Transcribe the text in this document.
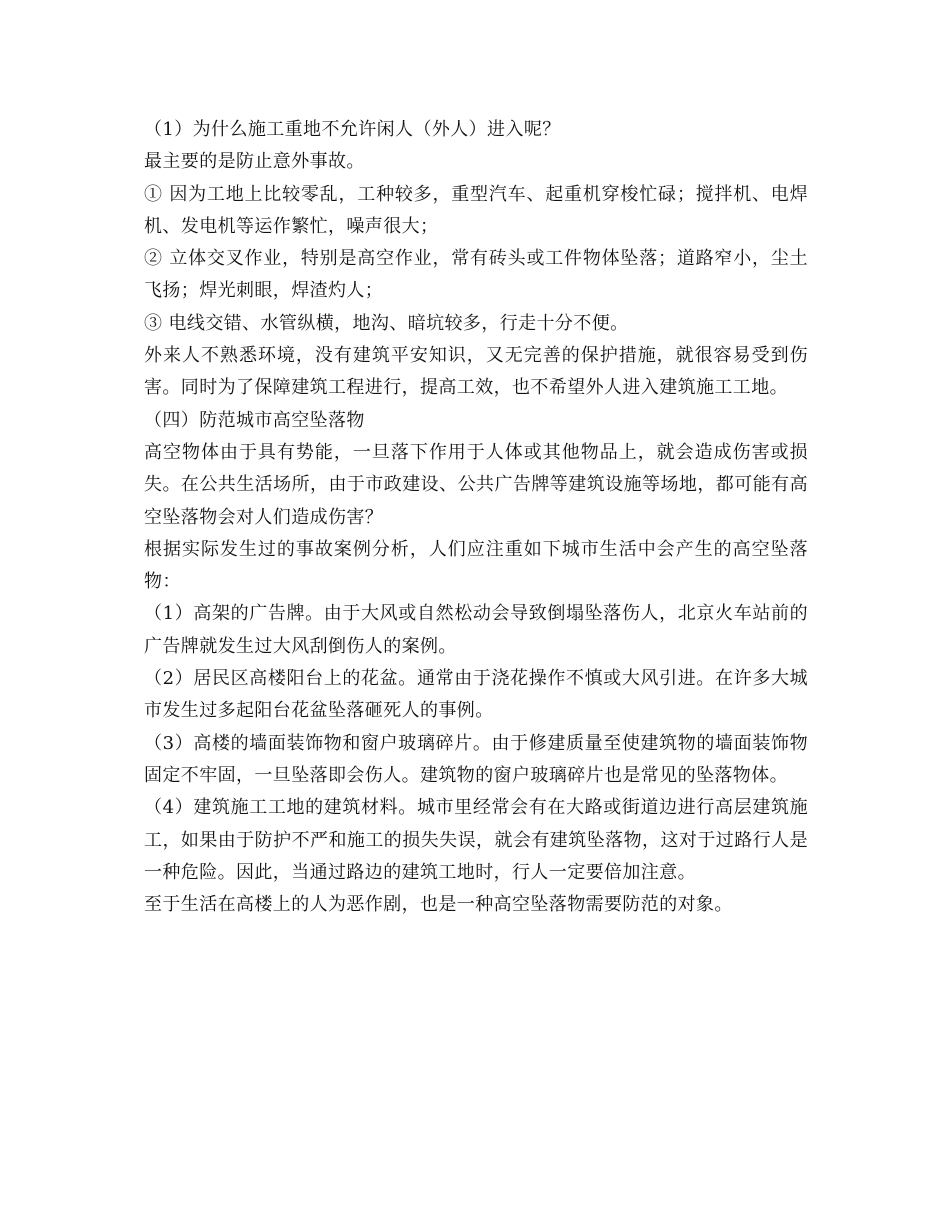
（1）为什么施工重地不允许闲人（外人）进入呢？

最主要的是防止意外事故。

① 因为工地上比较零乱，工种较多，重型汽车、起重机穿梭忙碌；搅拌机、电焊机、发电机等运作繁忙，噪声很大；

② 立体交叉作业，特别是高空作业，常有砖头或工件物体坠落；道路窄小，尘土飞扬；焊光刺眼，焊渣灼人；

③ 电线交错、水管纵横，地沟、暗坑较多，行走十分不便。

外来人不熟悉环境，没有建筑平安知识，又无完善的保护措施，就很容易受到伤害。同时为了保障建筑工程进行，提高工效，也不希望外人进入建筑施工工地。

（四）防范城市高空坠落物

高空物体由于具有势能，一旦落下作用于人体或其他物品上，就会造成伤害或损失。在公共生活场所，由于市政建设、公共广告牌等建筑设施等场地，都可能有高空坠落物会对人们造成伤害？

根据实际发生过的事故案例分析，人们应注重如下城市生活中会产生的高空坠落物：

（1）高架的广告牌。由于大风或自然松动会导致倒塌坠落伤人，北京火车站前的广告牌就发生过大风刮倒伤人的案例。

（2）居民区高楼阳台上的花盆。通常由于浇花操作不慎或大风引进。在许多大城市发生过多起阳台花盆坠落砸死人的事例。

（3）高楼的墙面装饰物和窗户玻璃碎片。由于修建质量至使建筑物的墙面装饰物固定不牢固，一旦坠落即会伤人。建筑物的窗户玻璃碎片也是常见的坠落物体。

（4）建筑施工工地的建筑材料。城市里经常会有在大路或街道边进行高层建筑施工，如果由于防护不严和施工的损失失误，就会有建筑坠落物，这对于过路行人是一种危险。因此，当通过路边的建筑工地时，行人一定要倍加注意。

至于生活在高楼上的人为恶作剧，也是一种高空坠落物需要防范的对象。
